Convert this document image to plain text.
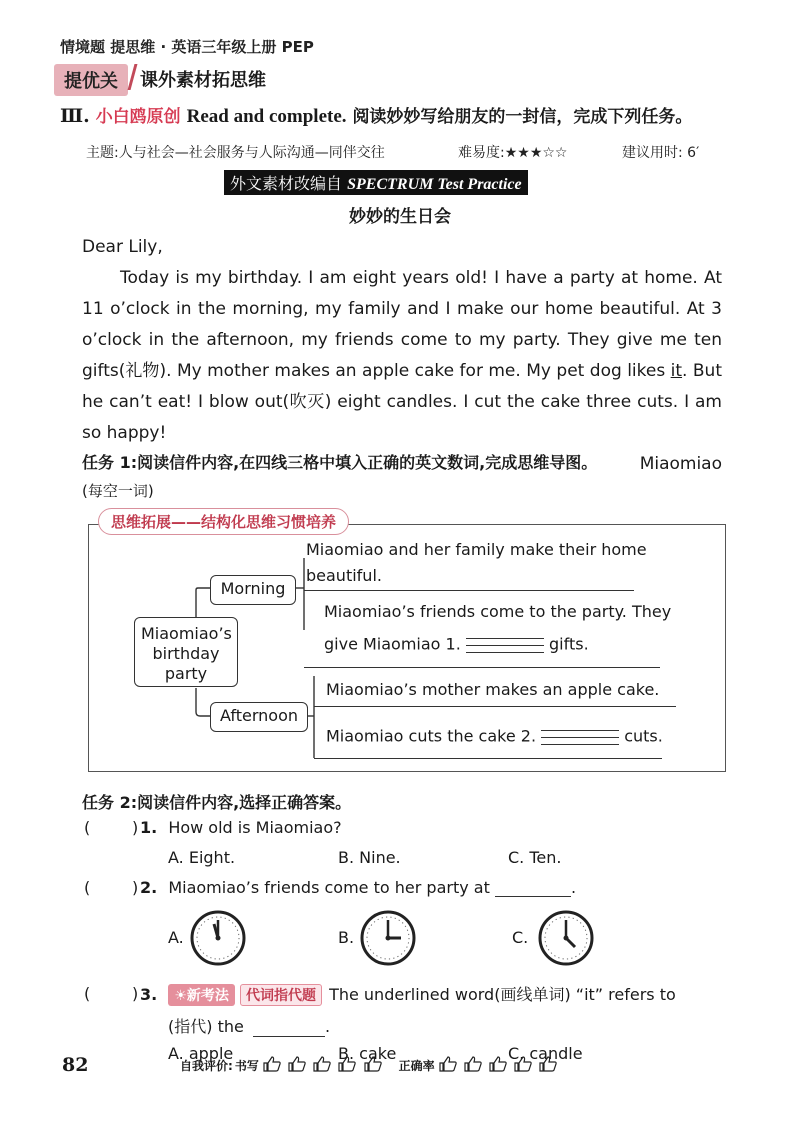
情境题 提思维 · 英语三年级上册 PEP
提优关	课外素材拓思维
Ⅲ. 小白鸥原创 Read and complete. 阅读妙妙写给朋友的一封信，完成下列任务。
主题:人与社会—社会服务与人际沟通—同伴交往	难易度:★★★☆☆	建议用时: 6′
外文素材改编自 SPECTRUM Test Practice
妙妙的生日会

Dear Lily,

Today is my birthday. I am eight years old! I have a party at home. At 11 o’clock in the morning, my family and I make our home beautiful. At 3 o’clock in the afternoon, my friends come to my party. They give me ten gifts(礼物). My mother makes an apple cake for me. My pet dog likes it. But he can’t eat! I blow out(吹灭) eight candles. I cut the cake three cuts. I am so happy!

Miaomiao

任务 1:阅读信件内容,在四线三格中填入正确的英文数词,完成思维导图。
(每空一词)
思维拓展——结构化思维习惯培养
Miaomiao’s birthday party
Morning
Afternoon
Miaomiao and her family make their home
beautiful.
Miaomiao’s friends come to the party. They
give Miaomiao 1.	gifts.
Miaomiao’s mother makes an apple cake.
Miaomiao cuts the cake 2.	cuts.
任务 2:阅读信件内容,选择正确答案。
(	) 1. How old is Miaomiao?
A. Eight.	B. Nine.	C. Ten.
(	) 2. Miaomiao’s friends come to her party at	.
A.	B.	C.
(	) 3. ☀新考法 代词指代题 The underlined word(画线单词) “it” refers to
(指代) the	.
A. apple	B. cake	C. candle
82	自我评价: 书写
	正确率
